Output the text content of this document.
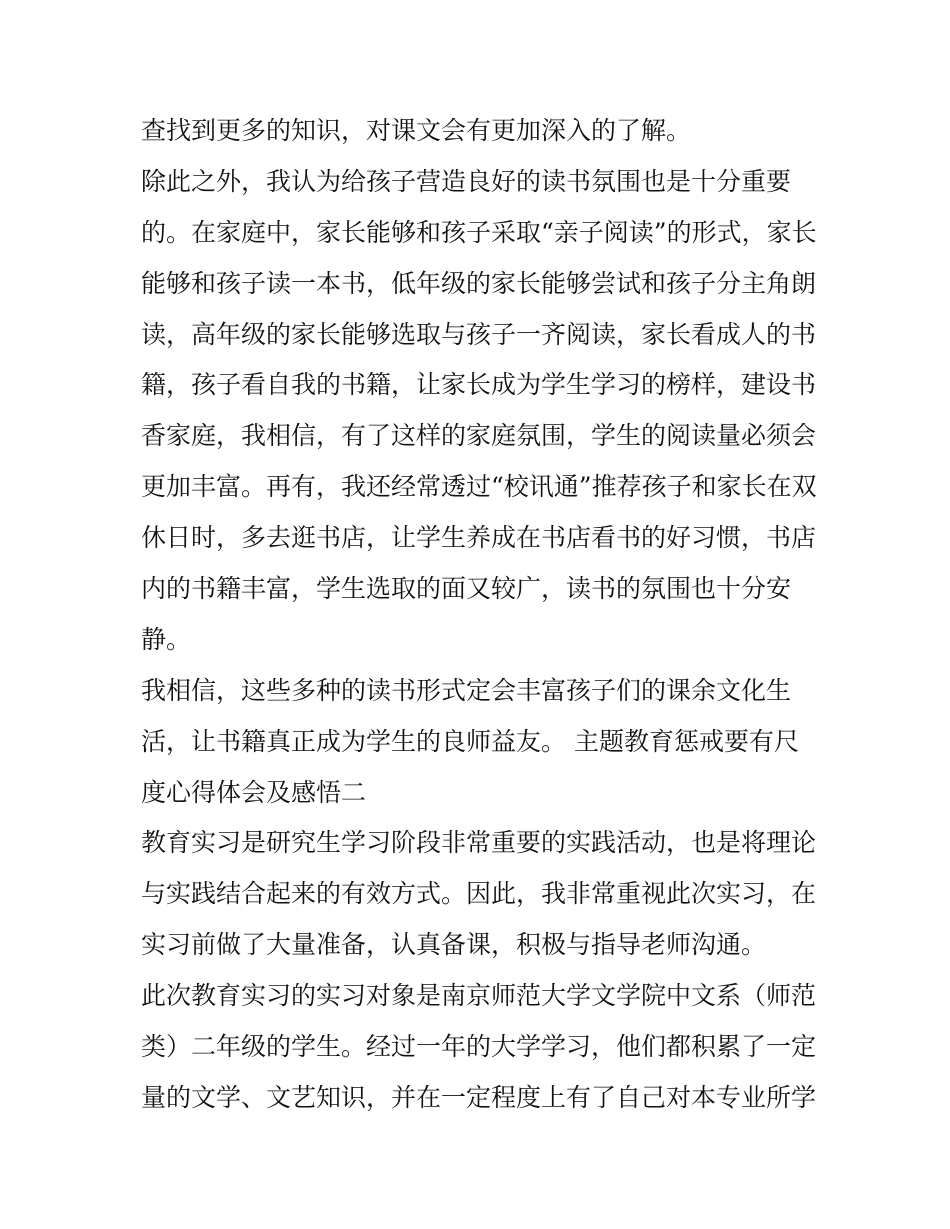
查找到更多的知识，对课文会有更加深入的了解。
除此之外，我认为给孩子营造良好的读书氛围也是十分重要
的。在家庭中，家长能够和孩子采取“亲子阅读”的形式，家长
能够和孩子读一本书，低年级的家长能够尝试和孩子分主角朗
读，高年级的家长能够选取与孩子一齐阅读，家长看成人的书
籍，孩子看自我的书籍，让家长成为学生学习的榜样，建设书
香家庭，我相信，有了这样的家庭氛围，学生的阅读量必须会
更加丰富。再有，我还经常透过“校讯通”推荐孩子和家长在双
休日时，多去逛书店，让学生养成在书店看书的好习惯，书店
内的书籍丰富，学生选取的面又较广，读书的氛围也十分安
静。
我相信，这些多种的读书形式定会丰富孩子们的课余文化生
活，让书籍真正成为学生的良师益友。 主题教育惩戒要有尺
度心得体会及感悟二
教育实习是研究生学习阶段非常重要的实践活动，也是将理论
与实践结合起来的有效方式。因此，我非常重视此次实习，在
实习前做了大量准备，认真备课，积极与指导老师沟通。
此次教育实习的实习对象是南京师范大学文学院中文系（师范
类）二年级的学生。经过一年的大学学习，他们都积累了一定
量的文学、文艺知识，并在一定程度上有了自己对本专业所学
